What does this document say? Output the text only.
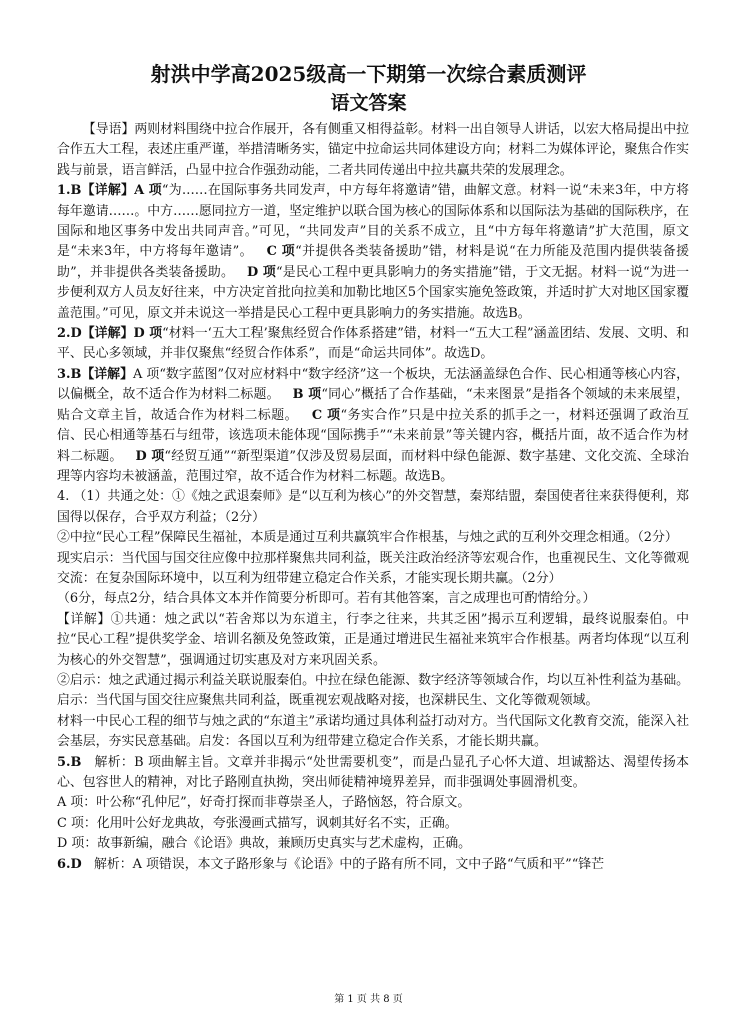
射洪中学高2025级高一下期第一次综合素质测评
语文答案

【导语】两则材料围绕中拉合作展开，各有侧重又相得益彰。材料一出自领导人讲话，以宏大格局提出中拉合作五大工程，表述庄重严谨，举措清晰务实，锚定中拉命运共同体建设方向；材料二为媒体评论，聚焦合作实践与前景，语言鲜活，凸显中拉合作强劲动能，二者共同传递出中拉共赢共荣的发展理念。

1.B【详解】A 项“为……在国际事务共同发声，中方每年将邀请”错，曲解文意。材料一说“未来3年，中方将每年邀请……。中方……愿同拉方一道，坚定维护以联合国为核心的国际体系和以国际法为基础的国际秩序，在国际和地区事务中发出共同声音。”可见，“共同发声”目的关系不成立，且“中方每年将邀请”扩大范围，原文是“未来3年，中方将每年邀请”。 C 项“并提供各类装备援助”错，材料是说“在力所能及范围内提供装备援助”，并非提供各类装备援助。 D 项“是民心工程中更具影响力的务实措施”错，于文无据。材料一说“为进一步便利双方人员友好往来，中方决定首批向拉美和加勒比地区5个国家实施免签政策，并适时扩大对地区国家覆盖范围。”可见，原文并未说这一举措是民心工程中更具影响力的务实措施。故选B。

2.D【详解】D 项“材料一‘五大工程’聚焦经贸合作体系搭建”错，材料一“五大工程”涵盖团结、发展、文明、和平、民心多领域，并非仅聚焦“经贸合作体系”，而是“命运共同体”。故选D。

3.B【详解】A 项“数字蓝图”仅对应材料中“数字经济”这一个板块，无法涵盖绿色合作、民心相通等核心内容，以偏概全，故不适合作为材料二标题。 B 项“同心”概括了合作基础，“未来图景”是指各个领域的未来展望，贴合文章主旨，故适合作为材料二标题。 C 项“务实合作”只是中拉关系的抓手之一，材料还强调了政治互信、民心相通等基石与纽带，该选项未能体现“国际携手”“未来前景”等关键内容，概括片面，故不适合作为材料二标题。 D 项“经贸互通”“新型渠道”仅涉及贸易层面，而材料中绿色能源、数字基建、文化交流、全球治理等内容均未被涵盖，范围过窄，故不适合作为材料二标题。故选B。

4. （1）共通之处：①《烛之武退秦师》是“以互利为核心”的外交智慧，秦郑结盟，秦国使者往来获得便利，郑国得以保存，合乎双方利益；（2分）

②中拉“民心工程”保障民生福祉，本质是通过互利共赢筑牢合作根基，与烛之武的互利外交理念相通。（2分）

现实启示：当代国与国交往应像中拉那样聚焦共同利益，既关注政治经济等宏观合作，也重视民生、文化等微观交流：在复杂国际环境中，以互利为纽带建立稳定合作关系，才能实现长期共赢。（2分）

（6分，每点2分，结合具体文本并作简要分析即可。若有其他答案，言之成理也可酌情给分。）

【详解】①共通：烛之武以“若舍郑以为东道主，行李之往来，共其乏困”揭示互利逻辑，最终说服秦伯。中拉“民心工程”提供奖学金、培训名额及免签政策，正是通过增进民生福祉来筑牢合作根基。两者均体现“以互利为核心的外交智慧”，强调通过切实惠及对方来巩固关系。

②启示：烛之武通过揭示利益关联说服秦伯。中拉在绿色能源、数字经济等领域合作，均以互补性利益为基础。启示：当代国与国交往应聚焦共同利益，既重视宏观战略对接，也深耕民生、文化等微观领域。

材料一中民心工程的细节与烛之武的“东道主”承诺均通过具体利益打动对方。当代国际文化教育交流，能深入社会基层，夯实民意基础。启发：各国以互利为纽带建立稳定合作关系，才能长期共赢。

5.B 解析：B 项曲解主旨。文章并非揭示“处世需要机变”，而是凸显孔子心怀大道、坦诚豁达、渴望传扬本心、包容世人的精神，对比子路刚直执拗，突出师徒精神境界差异，而非强调处事圆滑机变。

A 项：叶公称“孔仲尼”，好奇打探而非尊崇圣人，子路恼怒，符合原文。

C 项：化用叶公好龙典故，夸张漫画式描写，讽刺其好名不实，正确。

D 项：故事新编，融合《论语》典故，兼顾历史真实与艺术虚构，正确。

6.D 解析：A 项错误，本文子路形象与《论语》中的子路有所不同，文中子路“气质和平”“锋芒

第 1 页 共 8 页
